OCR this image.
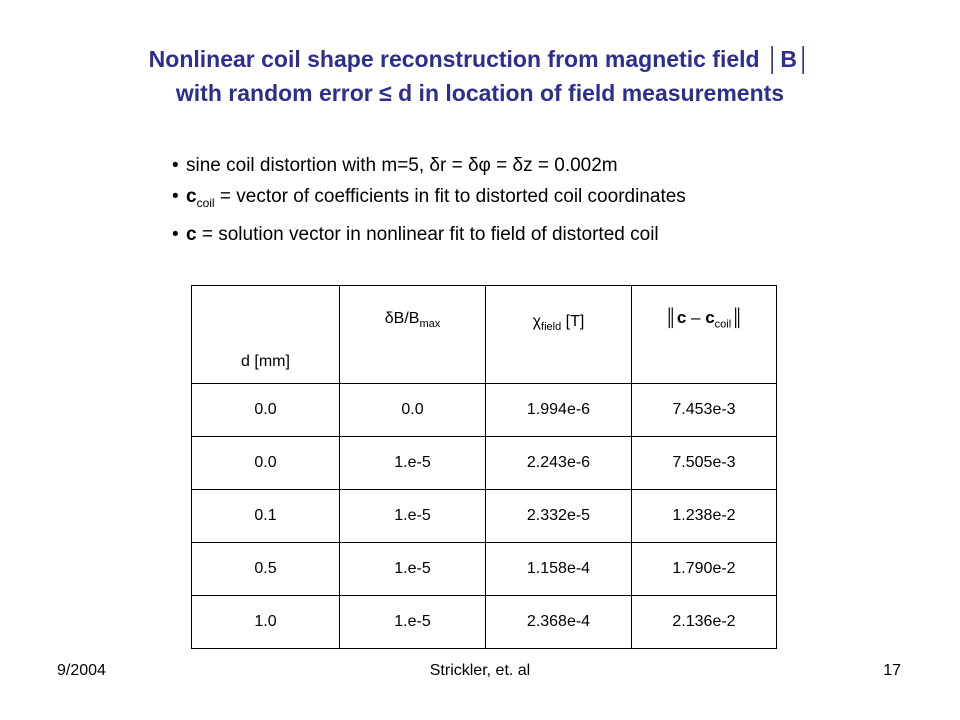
Nonlinear coil shape reconstruction from magnetic field │B│
with random error ≤ d in location of field measurements
• sine coil distortion with m=5, δr = δφ = δz = 0.002m
• $c_{coil}$ = vector of coefficients in fit to distorted coil coordinates
• c = solution vector in nonlinear fit to field of distorted coil
d [mm]	$\delta B/B_{max}$	$\chi_{field}$ [T]	║c – $c_{coil}║$
0.0	0.0	1.994e-6	7.453e-3
0.0	1.e-5	2.243e-6	7.505e-3
0.1	1.e-5	2.332e-5	1.238e-2
0.5	1.e-5	1.158e-4	1.790e-2
1.0	1.e-5	2.368e-4	2.136e-2
9/2004	Strickler, et. al	17
